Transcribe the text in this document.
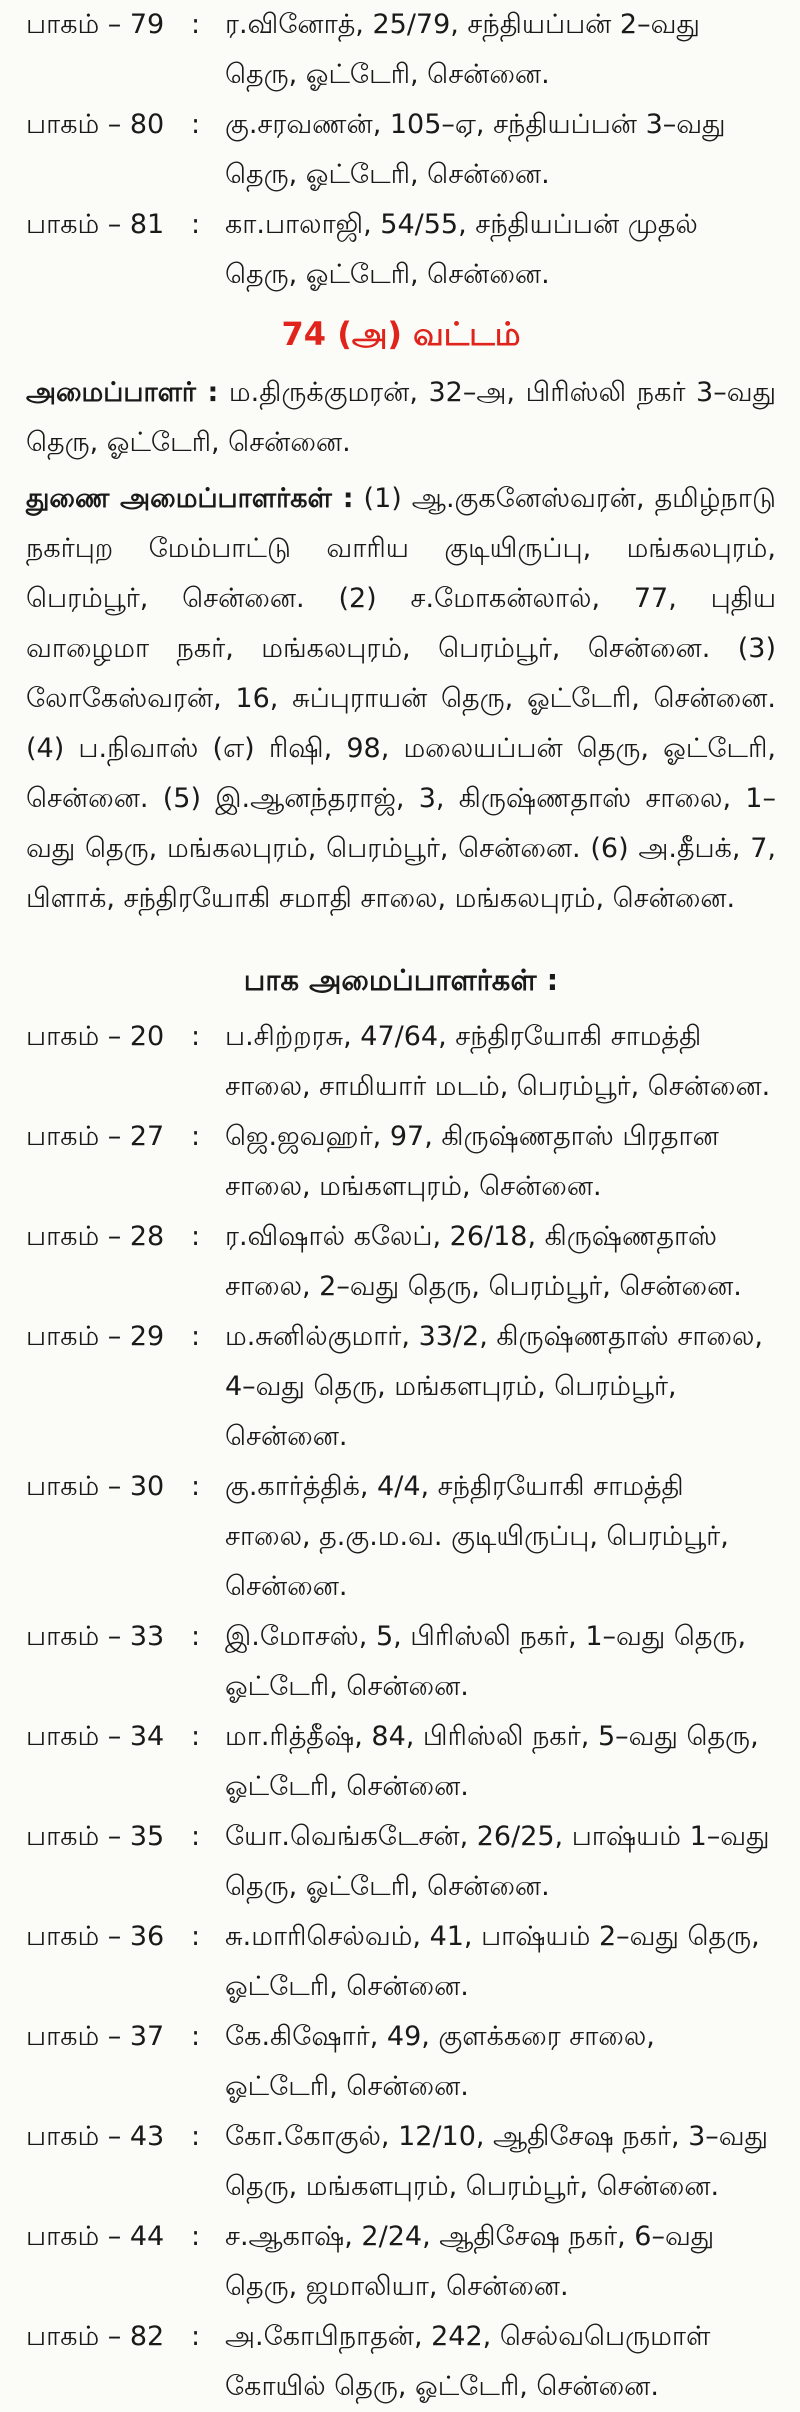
பாகம் – 79 : ர.வினோத், 25/79, சந்தியப்பன் 2–வது தெரு, ஓட்டேரி, சென்னை.
பாகம் – 80 : கு.சரவணன், 105–ஏ, சந்தியப்பன் 3–வது தெரு, ஓட்டேரி, சென்னை.
பாகம் – 81 : கா.பாலாஜி, 54/55, சந்தியப்பன் முதல் தெரு, ஓட்டேரி, சென்னை.
74 (அ) வட்டம்

அமைப்பாளர் : ம.திருக்குமரன், 32–அ, பிரிஸ்லி நகர் 3–வது தெரு, ஓட்டேரி, சென்னை.

துணை அமைப்பாளர்கள் : (1) ஆ.குகனேஸ்வரன், தமிழ்நாடு நகர்புற மேம்பாட்டு வாரிய குடியிருப்பு, மங்கலபுரம், பெரம்பூர், சென்னை. (2) ச.மோகன்லால், 77, புதிய வாழைமா நகர், மங்கலபுரம், பெரம்பூர், சென்னை. (3) லோகேஸ்வரன், 16, சுப்புராயன் தெரு, ஓட்டேரி, சென்னை. (4) ப.நிவாஸ் (எ) ரிஷி, 98, மலையப்பன் தெரு, ஓட்டேரி, சென்னை. (5) இ.ஆனந்தராஜ், 3, கிருஷ்ணதாஸ் சாலை, 1–வது தெரு, மங்கலபுரம், பெரம்பூர், சென்னை. (6) அ.தீபக், 7, பிளாக், சந்திரயோகி சமாதி சாலை, மங்கலபுரம், சென்னை.

பாக அமைப்பாளர்கள் :
பாகம் – 20 : ப.சிற்றரசு, 47/64, சந்திரயோகி சாமத்தி சாலை, சாமியார் மடம், பெரம்பூர், சென்னை.
பாகம் – 27 : ஜெ.ஜவஹர், 97, கிருஷ்ணதாஸ் பிரதான சாலை, மங்களபுரம், சென்னை.
பாகம் – 28 : ர.விஷால் கலேப், 26/18, கிருஷ்ணதாஸ் சாலை, 2–வது தெரு, பெரம்பூர், சென்னை.
பாகம் – 29 : ம.சுனில்குமார், 33/2, கிருஷ்ணதாஸ் சாலை, 4–வது தெரு, மங்களபுரம், பெரம்பூர், சென்னை.
பாகம் – 30 : கு.கார்த்திக், 4/4, சந்திரயோகி சாமத்தி சாலை, த.கு.ம.வ. குடியிருப்பு, பெரம்பூர், சென்னை.
பாகம் – 33 : இ.மோசஸ், 5, பிரிஸ்லி நகர், 1–வது தெரு, ஓட்டேரி, சென்னை.
பாகம் – 34 : மா.ரித்தீஷ், 84, பிரிஸ்லி நகர், 5–வது தெரு, ஓட்டேரி, சென்னை.
பாகம் – 35 : யோ.வெங்கடேசன், 26/25, பாஷ்யம் 1–வது தெரு, ஓட்டேரி, சென்னை.
பாகம் – 36 : சு.மாரிசெல்வம், 41, பாஷ்யம் 2–வது தெரு, ஓட்டேரி, சென்னை.
பாகம் – 37 : கே.கிஷோர், 49, குளக்கரை சாலை, ஓட்டேரி, சென்னை.
பாகம் – 43 : கோ.கோகுல், 12/10, ஆதிசேஷ நகர், 3–வது தெரு, மங்களபுரம், பெரம்பூர், சென்னை.
பாகம் – 44 : ச.ஆகாஷ், 2/24, ஆதிசேஷ நகர், 6–வது தெரு, ஜமாலியா, சென்னை.
பாகம் – 82 : அ.கோபிநாதன், 242, செல்வபெருமாள் கோயில் தெரு, ஓட்டேரி, சென்னை.
